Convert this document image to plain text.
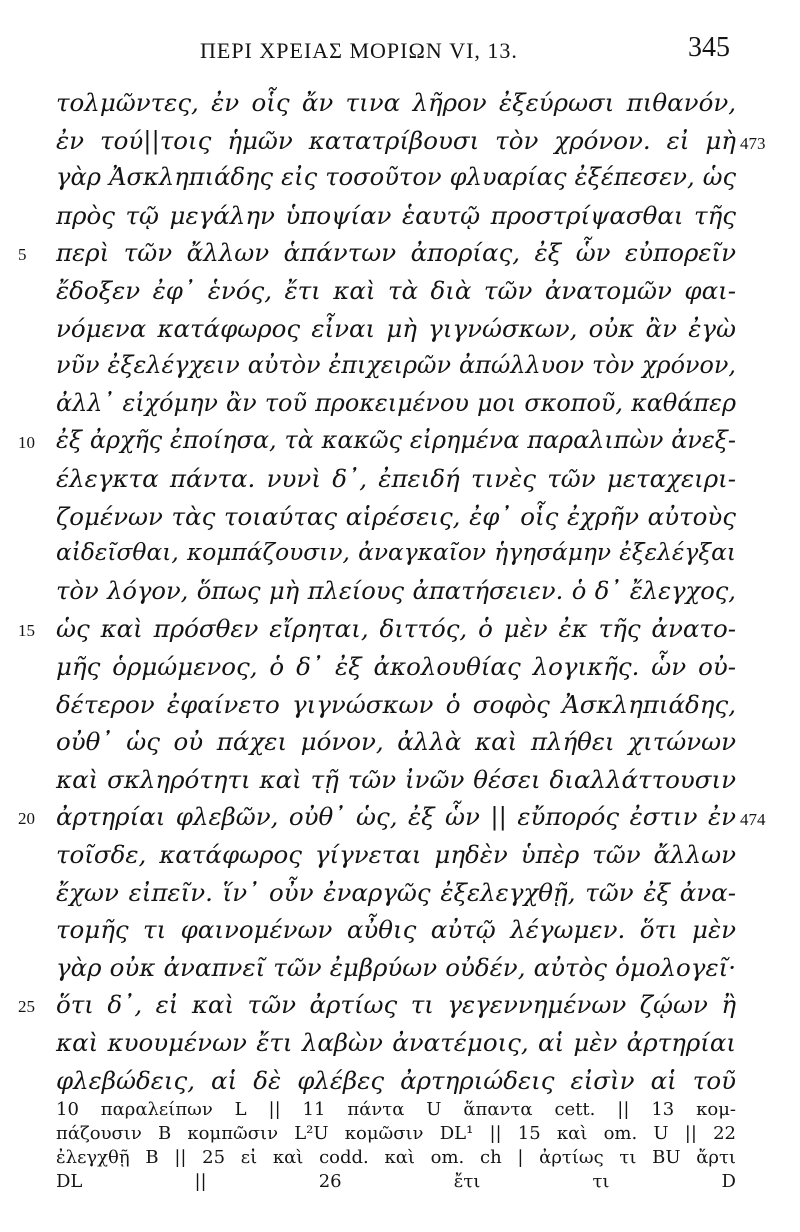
ΠΕΡΙ ΧΡΕΙΑΣ ΜΟΡΙΩΝ VI, 13.	345
τολμῶντες, ἐν οἷς ἄν τινα λῆρον ἐξεύρωσι πιθανόν,
ἐν τού||τοις ἡμῶν κατατρίβουσι τὸν χρόνον. εἰ μὴ 473
γὰρ Ἀσκληπιάδης εἰς τοσοῦτον φλυαρίας ἐξέπεσεν, ὡς
πρὸς τῷ μεγάλην ὑποψίαν ἑαυτῷ προστρίψασθαι τῆς
5 περὶ τῶν ἄλλων ἁπάντων ἀπορίας, ἐξ ὧν εὐπορεῖν
ἔδοξεν ἐφ᾿ ἑνός, ἔτι καὶ τὰ διὰ τῶν ἀνατομῶν φαι-
νόμενα κατάφωρος εἶναι μὴ γιγνώσκων, οὐκ ἂν ἐγὼ
νῦν ἐξελέγχειν αὐτὸν ἐπιχειρῶν ἀπώλλυον τὸν χρόνον,
ἀλλ᾿ εἰχόμην ἂν τοῦ προκειμένου μοι σκοποῦ, καθάπερ
10 ἐξ ἀρχῆς ἐποίησα, τὰ κακῶς εἰρημένα παραλιπὼν ἀνεξ-
έλεγκτα πάντα. νυνὶ δ᾿, ἐπειδή τινὲς τῶν μεταχειρι-
ζομένων τὰς τοιαύτας αἱρέσεις, ἐφ᾿ οἷς ἐχρῆν αὐτοὺς
αἰδεῖσθαι, κομπάζουσιν, ἀναγκαῖον ἡγησάμην ἐξελέγξαι
τὸν λόγον, ὅπως μὴ πλείους ἀπατήσειεν. ὁ δ᾿ ἔλεγχος,
15 ὡς καὶ πρόσθεν εἴρηται, διττός, ὁ μὲν ἐκ τῆς ἀνατο-
μῆς ὁρμώμενος, ὁ δ᾿ ἐξ ἀκολουθίας λογικῆς. ὧν οὐ-
δέτερον ἐφαίνετο γιγνώσκων ὁ σοφὸς Ἀσκληπιάδης,
οὐθ᾿ ὡς οὐ πάχει μόνον, ἀλλὰ καὶ πλήθει χιτώνων
καὶ σκληρότητι καὶ τῇ τῶν ἰνῶν θέσει διαλλάττουσιν
20 ἀρτηρίαι φλεβῶν, οὐθ᾿ ὡς, ἐξ ὧν || εὔπορός ἐστιν ἐν 474
τοῖσδε, κατάφωρος γίγνεται μηδὲν ὑπὲρ τῶν ἄλλων
ἔχων εἰπεῖν. ἵν᾿ οὖν ἐναργῶς ἐξελεγχθῇ, τῶν ἐξ ἀνα-
τομῆς τι φαινομένων αὖθις αὐτῷ λέγωμεν. ὅτι μὲν
γὰρ οὐκ ἀναπνεῖ τῶν ἐμβρύων οὐδέν, αὐτὸς ὁμολογεῖ·
25 ὅτι δ᾿, εἰ καὶ τῶν ἀρτίως τι γεγεννημένων ζῴων ἢ
καὶ κυουμένων ἔτι λαβὼν ἀνατέμοις, αἱ μὲν ἀρτηρίαι
φλεβώδεις, αἱ δὲ φλέβες ἀρτηριώδεις εἰσὶν αἱ τοῦ
10 παραλείπων L || 11 πάντα U ἅπαντα cett. || 13 κομ-
πάζουσιν B κομπῶσιν L²U κομῶσιν DL¹ || 15 καὶ om. U || 22
ἐλεγχθῇ B || 25 εἰ καὶ codd. καὶ om. ch | ἀρτίως τι BU ἄρτι
DL || 26 ἔτι τι D
